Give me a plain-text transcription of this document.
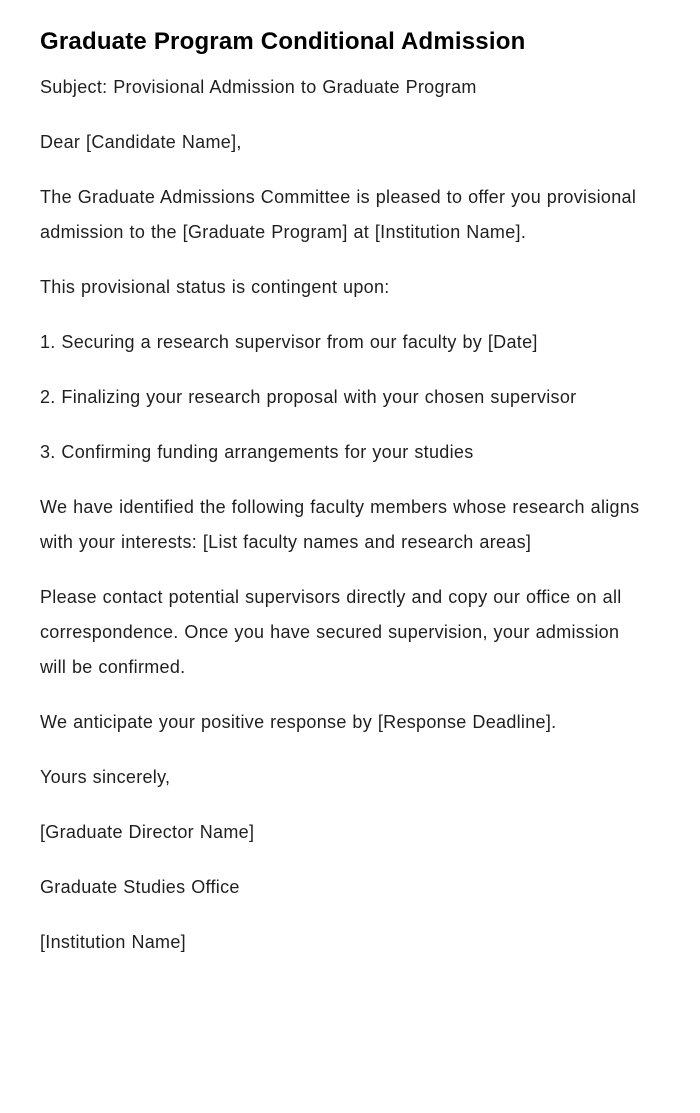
Graduate Program Conditional Admission

Subject: Provisional Admission to Graduate Program

Dear [Candidate Name],

The Graduate Admissions Committee is pleased to offer you provisional admission to the [Graduate Program] at [Institution Name].

This provisional status is contingent upon:

1. Securing a research supervisor from our faculty by [Date]

2. Finalizing your research proposal with your chosen supervisor

3. Confirming funding arrangements for your studies

We have identified the following faculty members whose research aligns with your interests: [List faculty names and research areas]

Please contact potential supervisors directly and copy our office on all correspondence. Once you have secured supervision, your admission will be confirmed.

We anticipate your positive response by [Response Deadline].

Yours sincerely,

[Graduate Director Name]

Graduate Studies Office

[Institution Name]
